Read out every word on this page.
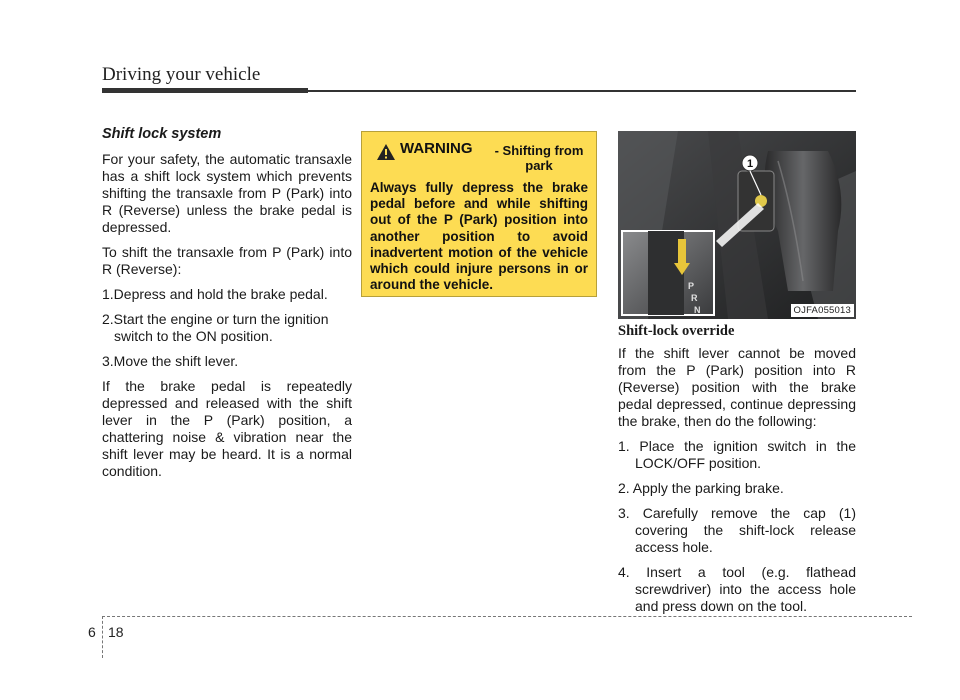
Driving your vehicle
Shift lock system

For your safety, the automatic transaxle has a shift lock system which prevents shifting the transaxle from P (Park) into R (Reverse) unless the brake pedal is depressed.

To shift the transaxle from P (Park) into R (Reverse):

1.Depress and hold the brake pedal.
2.Start the engine or turn the ignition switch to the ON position.
3.Move the shift lever.

If the brake pedal is repeatedly depressed and released with the shift lever in the P (Park) position, a chattering noise & vibration near the shift lever may be heard. It is a normal condition.

WARNING	- Shifting from park

Always fully depress the brake pedal before and while shifting out of the P (Park) position into another position to avoid inadvertent motion of the vehicle which could injure persons in or around the vehicle.	P
R
N
1
OJFA055013
Shift-lock override

If the shift lever cannot be moved from the P (Park) position into R (Reverse) position with the brake pedal depressed, continue depressing the brake, then do the following:

1. Place the ignition switch in the LOCK/OFF position.
2. Apply the parking brake.
3. Carefully remove the cap (1) covering the shift-lock release access hole.
4. Insert a tool (e.g. flathead screwdriver) into the access hole and press down on the tool.
6 18
